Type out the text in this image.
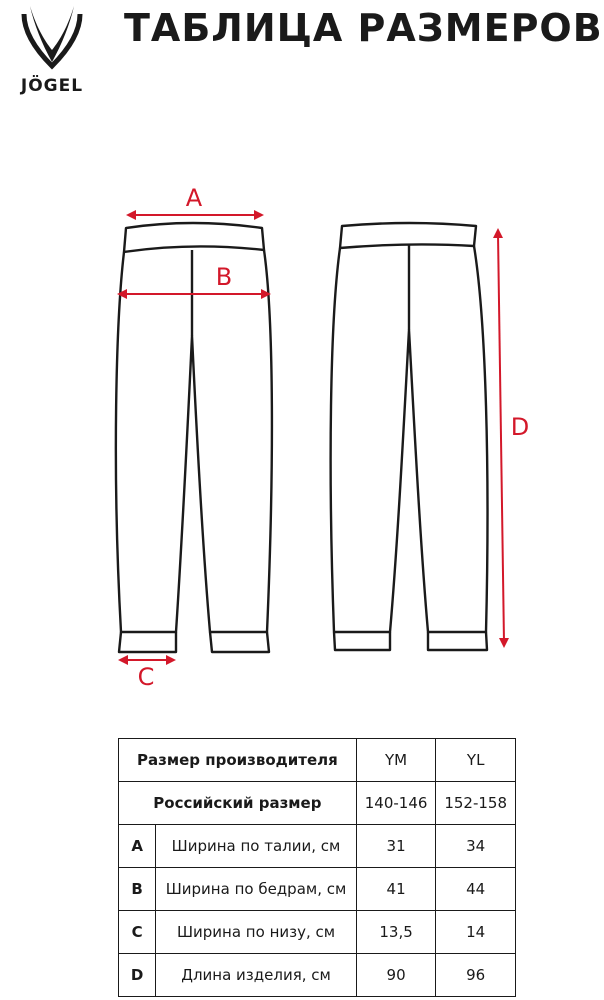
JÖGEL
ТАБЛИЦА РАЗМЕРОВ
A
B
C
D
Размер производителя		YM	YL
Российский размер		140-146	152-158
A	Ширина по талии, см	31	34
B	Ширина по бедрам, см	41	44
C	Ширина по низу, см	13,5	14
D	Длина изделия, см	90	96
